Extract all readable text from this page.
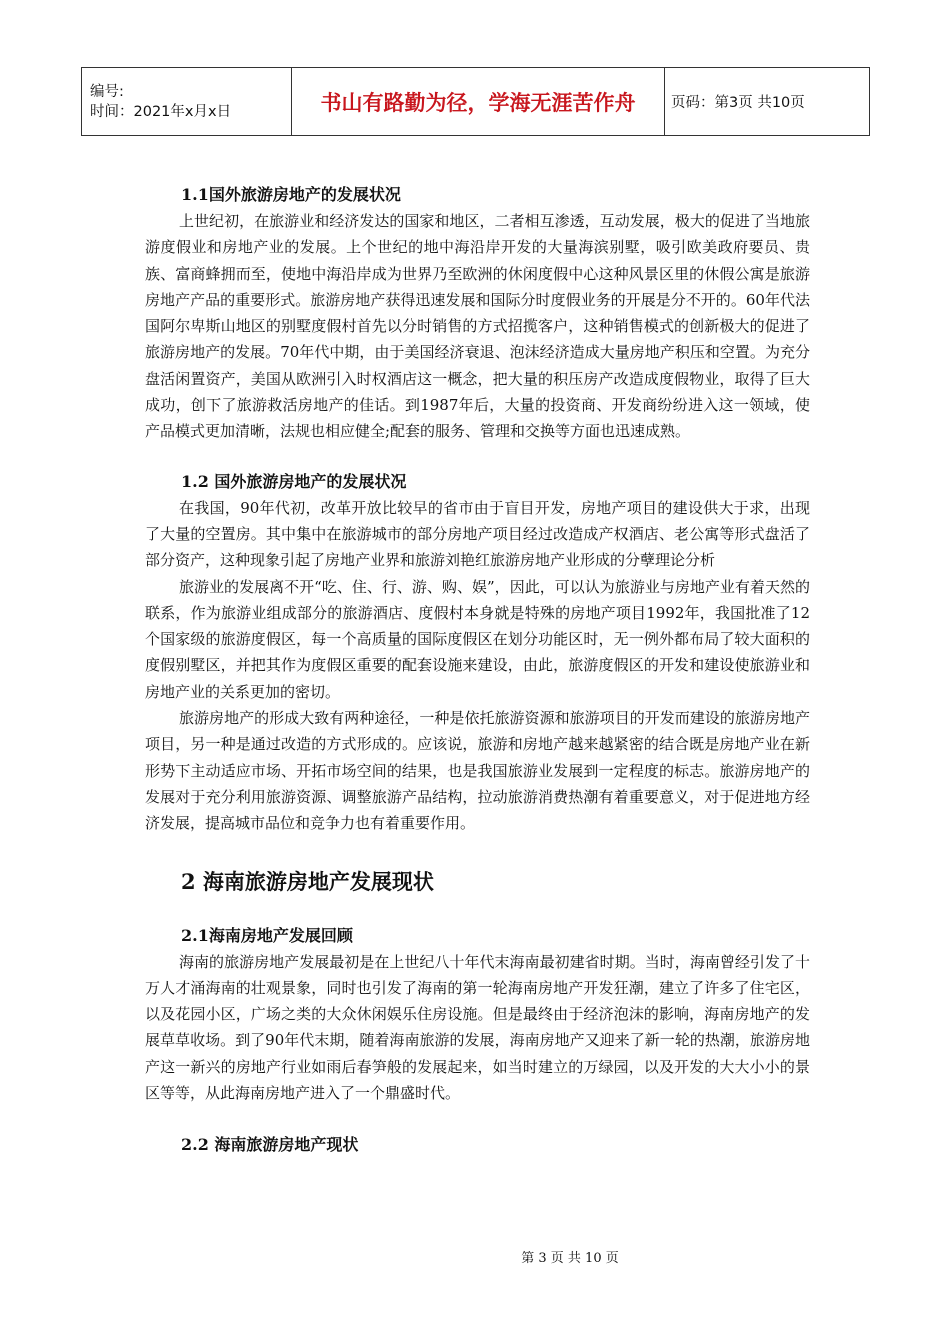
编号:
时间：2021年x月x日	书山有路勤为径，学海无涯苦作舟	页码：第3页 共10页
1.1国外旅游房地产的发展状况

上世纪初，在旅游业和经济发达的国家和地区，二者相互渗透，互动发展，极大的促进了当地旅游度假业和房地产业的发展。上个世纪的地中海沿岸开发的大量海滨别墅，吸引欧美政府要员、贵族、富商蜂拥而至，使地中海沿岸成为世界乃至欧洲的休闲度假中心这种风景区里的休假公寓是旅游房地产产品的重要形式。旅游房地产获得迅速发展和国际分时度假业务的开展是分不开的。60年代法国阿尔卑斯山地区的别墅度假村首先以分时销售的方式招揽客户，这种销售模式的创新极大的促进了旅游房地产的发展。70年代中期，由于美国经济衰退、泡沫经济造成大量房地产积压和空置。为充分盘活闲置资产，美国从欧洲引入时权酒店这一概念，把大量的积压房产改造成度假物业，取得了巨大成功，创下了旅游救活房地产的佳话。到1987年后，大量的投资商、开发商纷纷进入这一领域，使产品模式更加清晰，法规也相应健全;配套的服务、管理和交换等方面也迅速成熟。

1.2 国外旅游房地产的发展状况

在我国，90年代初，改革开放比较早的省市由于盲目开发，房地产项目的建设供大于求，出现了大量的空置房。其中集中在旅游城市的部分房地产项目经过改造成产权酒店、老公寓等形式盘活了部分资产，这种现象引起了房地产业界和旅游刘艳红旅游房地产业形成的分孽理论分析

旅游业的发展离不开“吃、住、行、游、购、娱”，因此，可以认为旅游业与房地产业有着天然的联系，作为旅游业组成部分的旅游酒店、度假村本身就是特殊的房地产项目1992年，我国批准了12个国家级的旅游度假区，每一个高质量的国际度假区在划分功能区时，无一例外都布局了较大面积的度假别墅区，并把其作为度假区重要的配套设施来建设，由此，旅游度假区的开发和建设使旅游业和房地产业的关系更加的密切。

旅游房地产的形成大致有两种途径，一种是依托旅游资源和旅游项目的开发而建设的旅游房地产项目，另一种是通过改造的方式形成的。应该说，旅游和房地产越来越紧密的结合既是房地产业在新形势下主动适应市场、开拓市场空间的结果，也是我国旅游业发展到一定程度的标志。旅游房地产的发展对于充分利用旅游资源、调整旅游产品结构，拉动旅游消费热潮有着重要意义，对于促进地方经济发展，提高城市品位和竞争力也有着重要作用。

2 海南旅游房地产发展现状
2.1海南房地产发展回顾

海南的旅游房地产发展最初是在上世纪八十年代末海南最初建省时期。当时，海南曾经引发了十万人才涌海南的壮观景象，同时也引发了海南的第一轮海南房地产开发狂潮，建立了许多了住宅区，以及花园小区，广场之类的大众休闲娱乐住房设施。但是最终由于经济泡沫的影响，海南房地产的发展草草收场。到了90年代末期，随着海南旅游的发展，海南房地产又迎来了新一轮的热潮，旅游房地产这一新兴的房地产行业如雨后春笋般的发展起来，如当时建立的万绿园，以及开发的大大小小的景区等等，从此海南房地产进入了一个鼎盛时代。

2.2 海南旅游房地产现状
第 3 页 共 10 页
